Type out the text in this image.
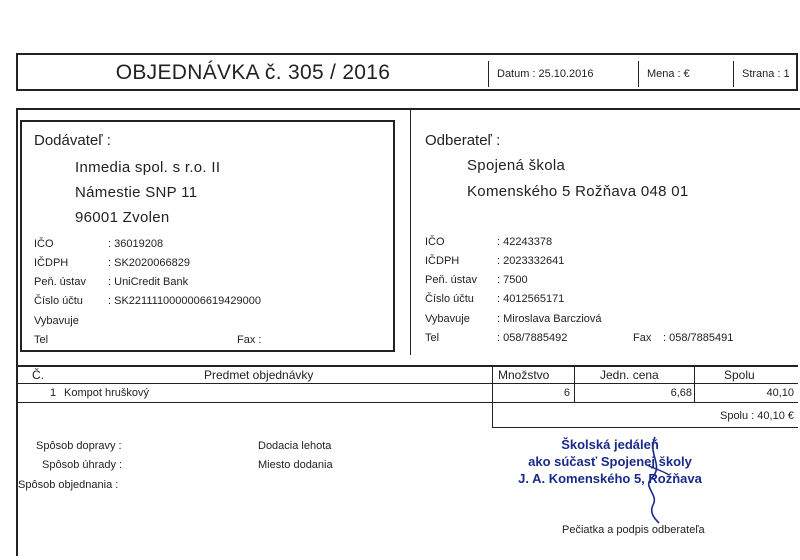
OBJEDNÁVKA č. 305 / 2016	Datum : 25.10.2016	Mena : €	Strana : 1
Dodávateľ :
Inmedia spol. s r.o. II
Námestie SNP 11
96001 Zvolen
IČO	: 36019208
IČDPH	: SK2020066829
Peň. ústav : UniCredit Bank
Číslo účtu : SK2211110000006619429000
Vybavuje
Tel	Fax :
Odberateľ :
Spojená škola
Komenského 5 Rožňava 048 01
IČO	: 42243378
IČDPH	: 2023332641
Peň. ústav : 7500
Číslo účtu : 4012565171
Vybavuje : Miroslava Barcziová
Tel	: 058/7885492	Fax : 058/7885491
Č.	Predmet objednávky	Množstvo	Jedn. cena	Spolu
1 Kompot hruškový	6	6,68	40,10
Spolu : 40,10 €
Spôsob dopravy :
Spôsob úhrady :
Spôsob objednania :
Dodacia lehota
Miesto dodania
Pečiatka a podpis odberateľa
Školská jedáleň
ako súčasť Spojenej školy
J. A. Komenského 5, Rožňava
